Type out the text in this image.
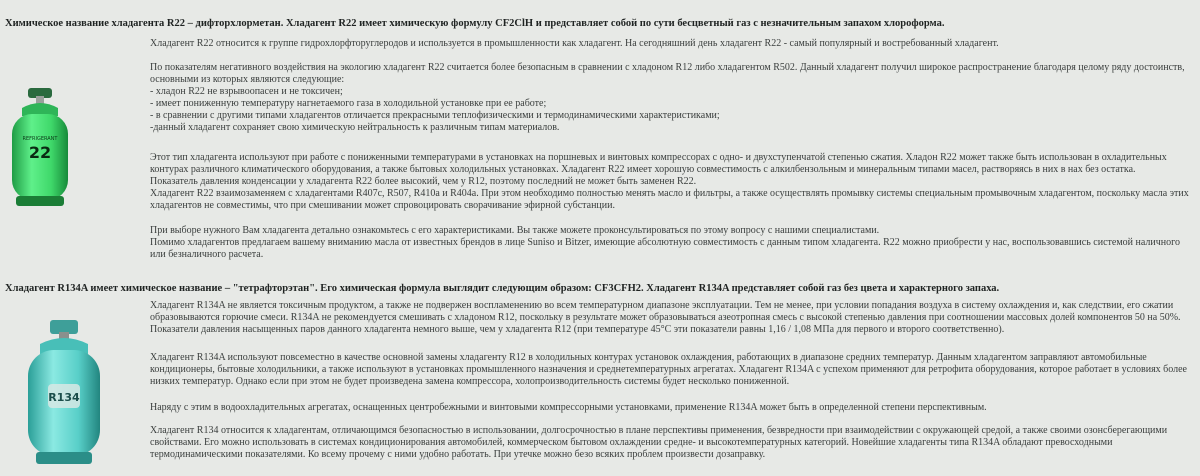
Химическое название хладагента R22 – дифторхлорметан. Хладагент R22 имеет химическую формулу CF2ClH и представляет собой по сути бесцветный газ с незначительным запахом хлороформа.
REFRIGERANT
22

Хладагент R22 относится к группе гидрохлорфторуглеродов и используется в промышленности как хладагент. На сегодняшний день хладагент R22 - самый популярный и востребованный хладагент.

По показателям негативного воздействия на экологию хладагент R22 считается более безопасным в сравнении с хладоном R12 либо хладагентом R502. Данный хладагент получил широкое распространение благодаря целому ряду достоинств, основными из которых являются следующие:

- хладон R22 не взрывоопасен и не токсичен;

- имеет пониженную температуру нагнетаемого газа в холодильной установке при ее работе;

- в сравнении с другими типами хладагентов отличается прекрасными теплофизическими и термодинамическими характеристиками;

-данный хладагент сохраняет свою химическую нейтральность к различным типам материалов.

Этот тип хладагента используют при работе с пониженными температурами в установках на поршневых и винтовых компрессорах с одно- и двухступенчатой степенью сжатия. Хладон R22 может также быть использован в охладительных контурах различного климатического оборудования, а также бытовых холодильных установках. Хладагент R22 имеет хорошую совместимость с алкилбензольным и минеральным типами масел, растворяясь в них в нах без остатка.

Показатель давления конденсации у хладагента R22 более высокий, чем у R12, поэтому последний не может быть заменен R22.

Хладагент R22 взаимозаменяем с хладагентами R407c, R507, R410a и R404a. При этом необходимо полностью менять масло и фильтры, а также осуществлять промывку системы специальным промывочным хладагентом, поскольку масла этих хладагентов не совместимы, что при смешивании может спровоцировать сворачивание эфирной субстанции.

При выборе нужного Вам хладагента детально ознакомьтесь с его характеристиками. Вы также можете проконсультироваться по этому вопросу с нашими специалистами.

Помимо хладагентов предлагаем вашему вниманию масла от известных брендов в лице Suniso и Bitzer, имеющие абсолютную совместимость с данным типом хладагента. R22 можно приобрести у нас, воспользовавшись системой наличного или безналичного расчета.

Хладагент R134A имеет химическое название – "тетрафторэтан". Его химическая формула выглядит следующим образом: CF3CFH2. Хладагент R134A представляет собой газ без цвета и характерного запаха.
R134

Хладагент R134A не является токсичным продуктом, а также не подвержен воспламенению во всем температурном диапазоне эксплуатации. Тем не менее, при условии попадания воздуха в систему охлаждения и, как следствии, его сжатии образовываются горючие смеси. R134A не рекомендуется смешивать с хладоном R12, поскольку в результате может образовываться азеотропная смесь с высокой степенью давления при соотношении массовых долей компонентов 50 на 50%. Показатели давления насыщенных паров данного хладагента немного выше, чем у хладагента R12 (при температуре 45°C эти показатели равны 1,16 / 1,08 МПа для первого и второго соответственно).

Хладагент R134A используют повсеместно в качестве основной замены хладагенту R12 в холодильных контурах установок охлаждения, работающих в диапазоне средних температур. Данным хладагентом заправляют автомобильные кондиционеры, бытовые холодильники, а также используют в установках промышленного назначения и среднетемпературных агрегатах. Хладагент R134A с успехом применяют для ретрофита оборудования, которое работает в условиях более низких температур. Однако если при этом не будет произведена замена компрессора, холопроизводительность системы будет несколько пониженной.

Наряду с этим в водоохладительных агрегатах, оснащенных центробежными и винтовыми компрессорными установками, применение R134A может быть в определенной степени перспективным.

Хладагент R134 относится к хладагентам, отличающимся безопасностью в использовании, долгосрочностью в плане перспективы применения, безвредности при взаимодействии с окружающей средой, а также своими озонсберегающими свойствами. Его можно использовать в системах кондиционирования автомобилей, коммерческом бытовом охлаждении средне- и высокотемпературных категорий. Новейшие хладагенты типа R134A обладают превосходными термодинамическими показателями. Ко всему прочему с ними удобно работать. При утечке можно безо всяких проблем произвести дозаправку.
